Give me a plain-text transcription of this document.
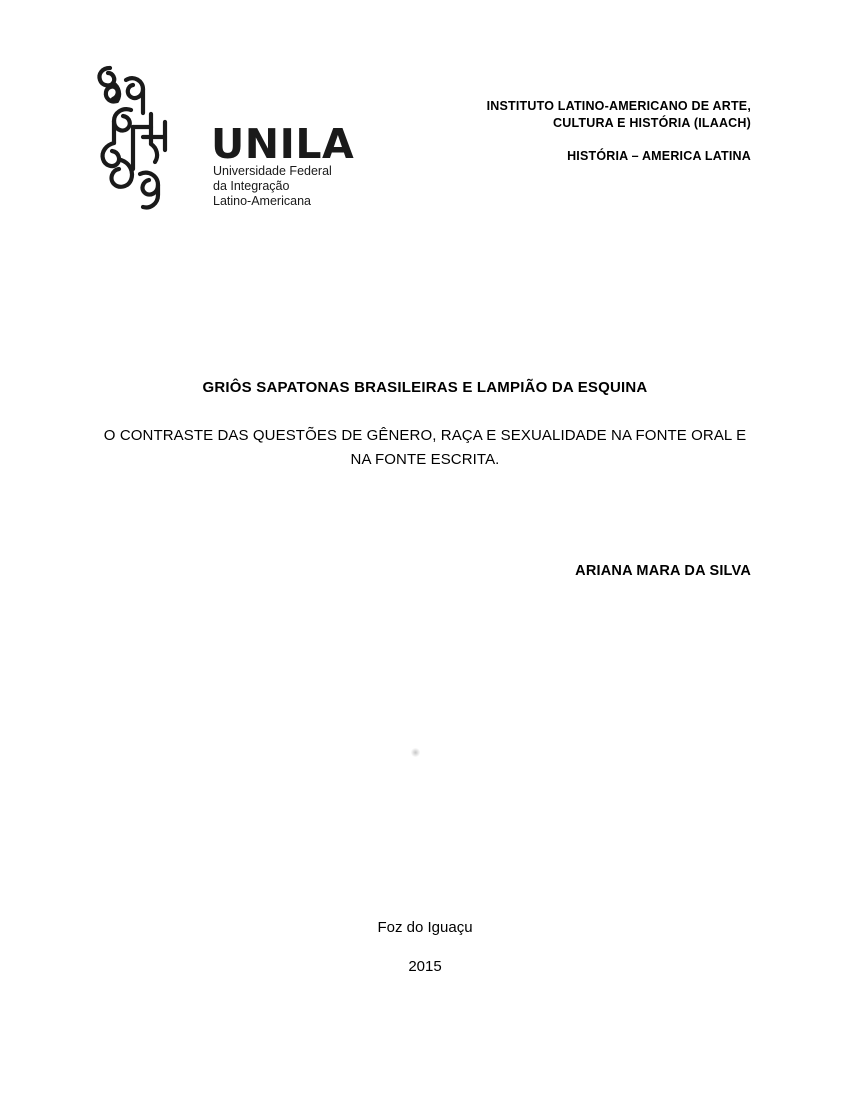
UNILA
Universidade Federal
da Integração
Latino-Americana
INSTITUTO LATINO-AMERICANO DE ARTE,
CULTURA E HISTÓRIA (ILAACH)
HISTÓRIA – AMERICA LATINA
GRIÔS SAPATONAS BRASILEIRAS E LAMPIÃO DA ESQUINA
O CONTRASTE DAS QUESTÕES DE GÊNERO, RAÇA E SEXUALIDADE NA FONTE ORAL E NA FONTE ESCRITA.
ARIANA MARA DA SILVA
Foz do Iguaçu
2015
